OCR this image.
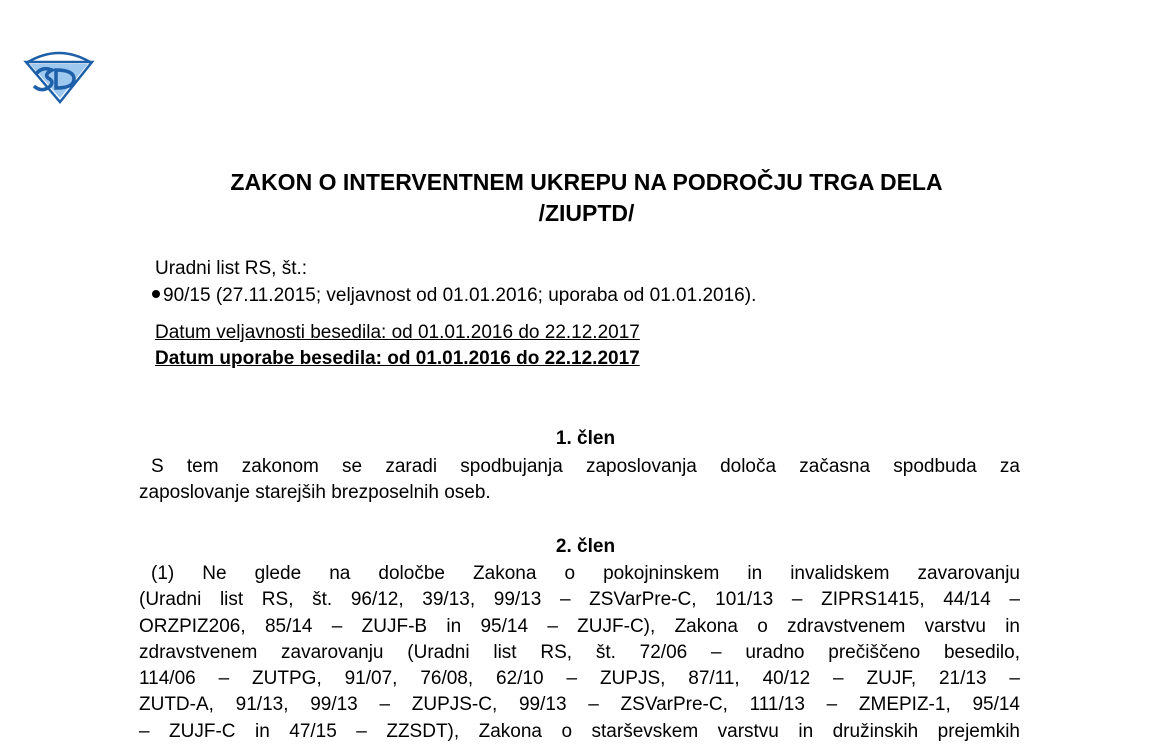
ZAKON O INTERVENTNEM UKREPU NA PODROČJU TRGA DELA
/ZIUPTD/
Uradni list RS, št.:
90/15 (27.11.2015; veljavnost od 01.01.2016; uporaba od 01.01.2016).
Datum veljavnosti besedila: od 01.01.2016 do 22.12.2017
Datum uporabe besedila: od 01.01.2016 do 22.12.2017
1. člen
S tem zakonom se zaradi spodbujanja zaposlovanja določa začasna spodbuda za
zaposlovanje starejših brezposelnih oseb.
2. člen
(1) Ne glede na določbe Zakona o pokojninskem in invalidskem zavarovanju
(Uradni list RS, št. 96/12, 39/13, 99/13 – ZSVarPre-C, 101/13 – ZIPRS1415, 44/14 –
ORZPIZ206, 85/14 – ZUJF-B in 95/14 – ZUJF-C), Zakona o zdravstvenem varstvu in
zdravstvenem zavarovanju (Uradni list RS, št. 72/06 – uradno prečiščeno besedilo,
114/06 – ZUTPG, 91/07, 76/08, 62/10 – ZUPJS, 87/11, 40/12 – ZUJF, 21/13 –
ZUTD-A, 91/13, 99/13 – ZUPJS-C, 99/13 – ZSVarPre-C, 111/13 – ZMEPIZ-1, 95/14
– ZUJF-C in 47/15 – ZZSDT), Zakona o starševskem varstvu in družinskih prejemkih
